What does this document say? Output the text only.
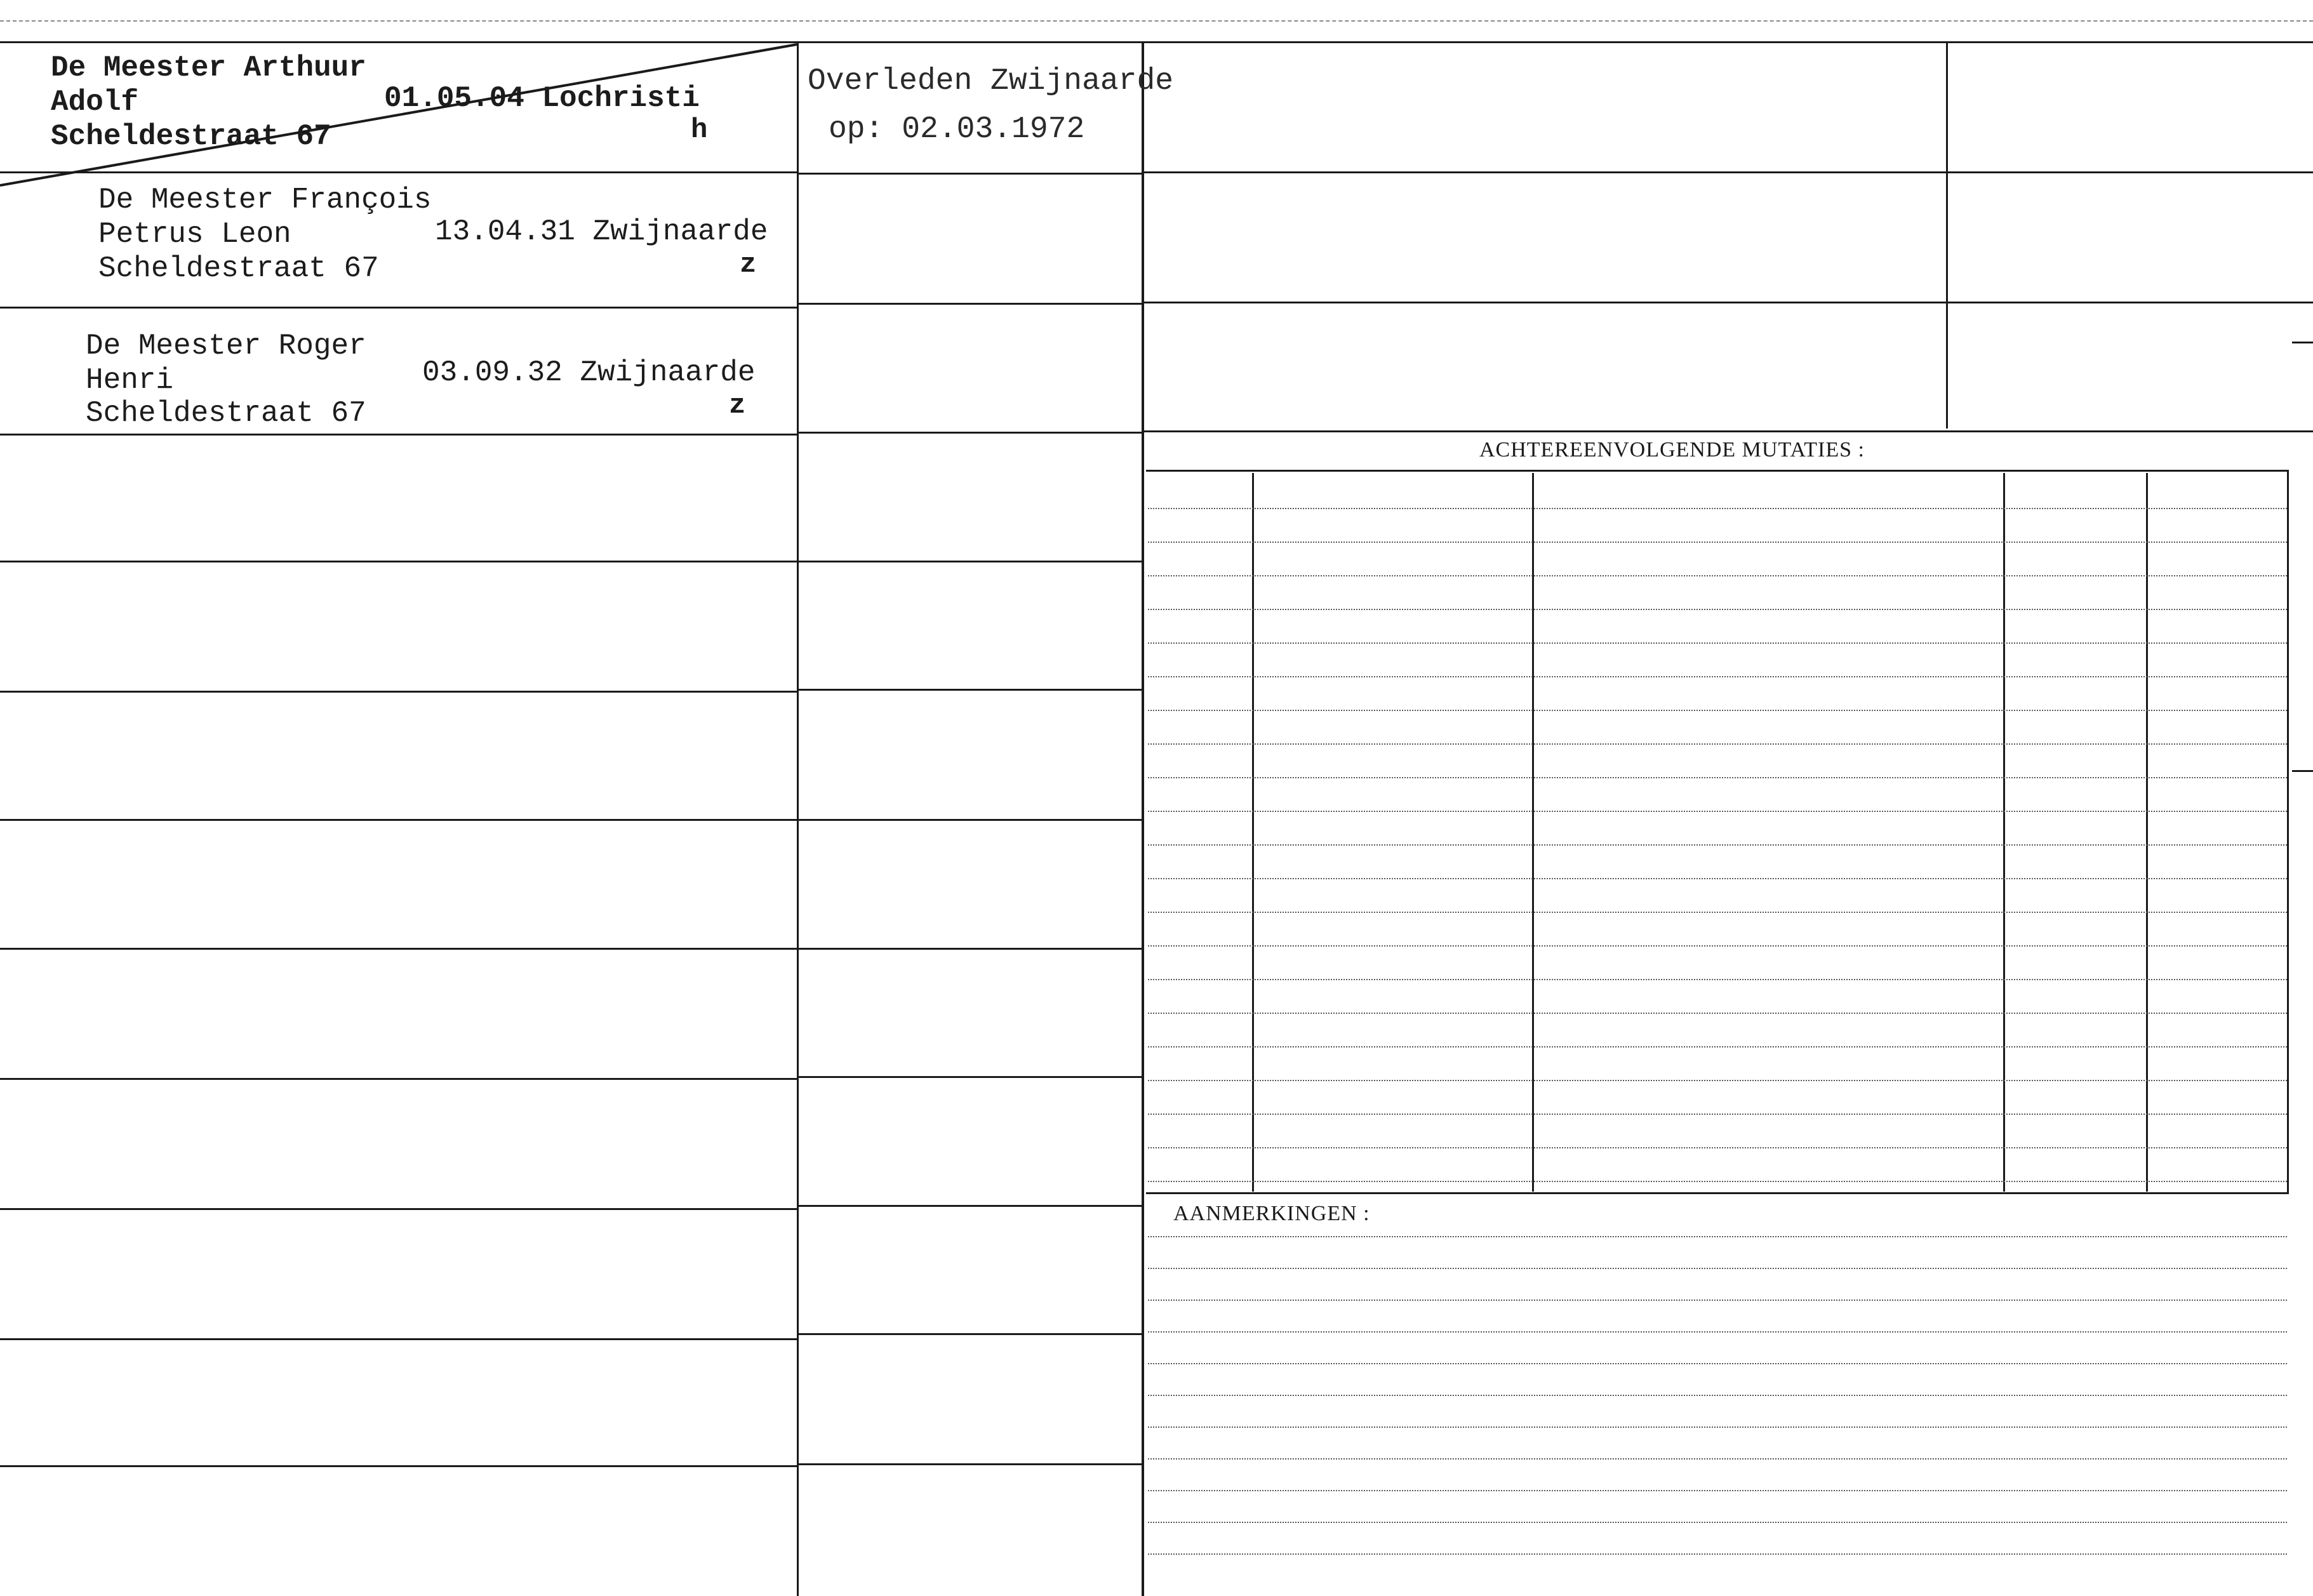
ACHTEREENVOLGENDE MUTATIES :
AANMERKINGEN :
De Meester Arthuur
Adolf	01.05.04 Lochristi
Scheldestraat 67	h
De Meester François
Petrus Leon	13.04.31 Zwijnaarde
Scheldestraat 67	z
De Meester Roger
Henri	03.09.32 Zwijnaarde
Scheldestraat 67	z
Overleden Zwijnaarde
op: 02.03.1972
